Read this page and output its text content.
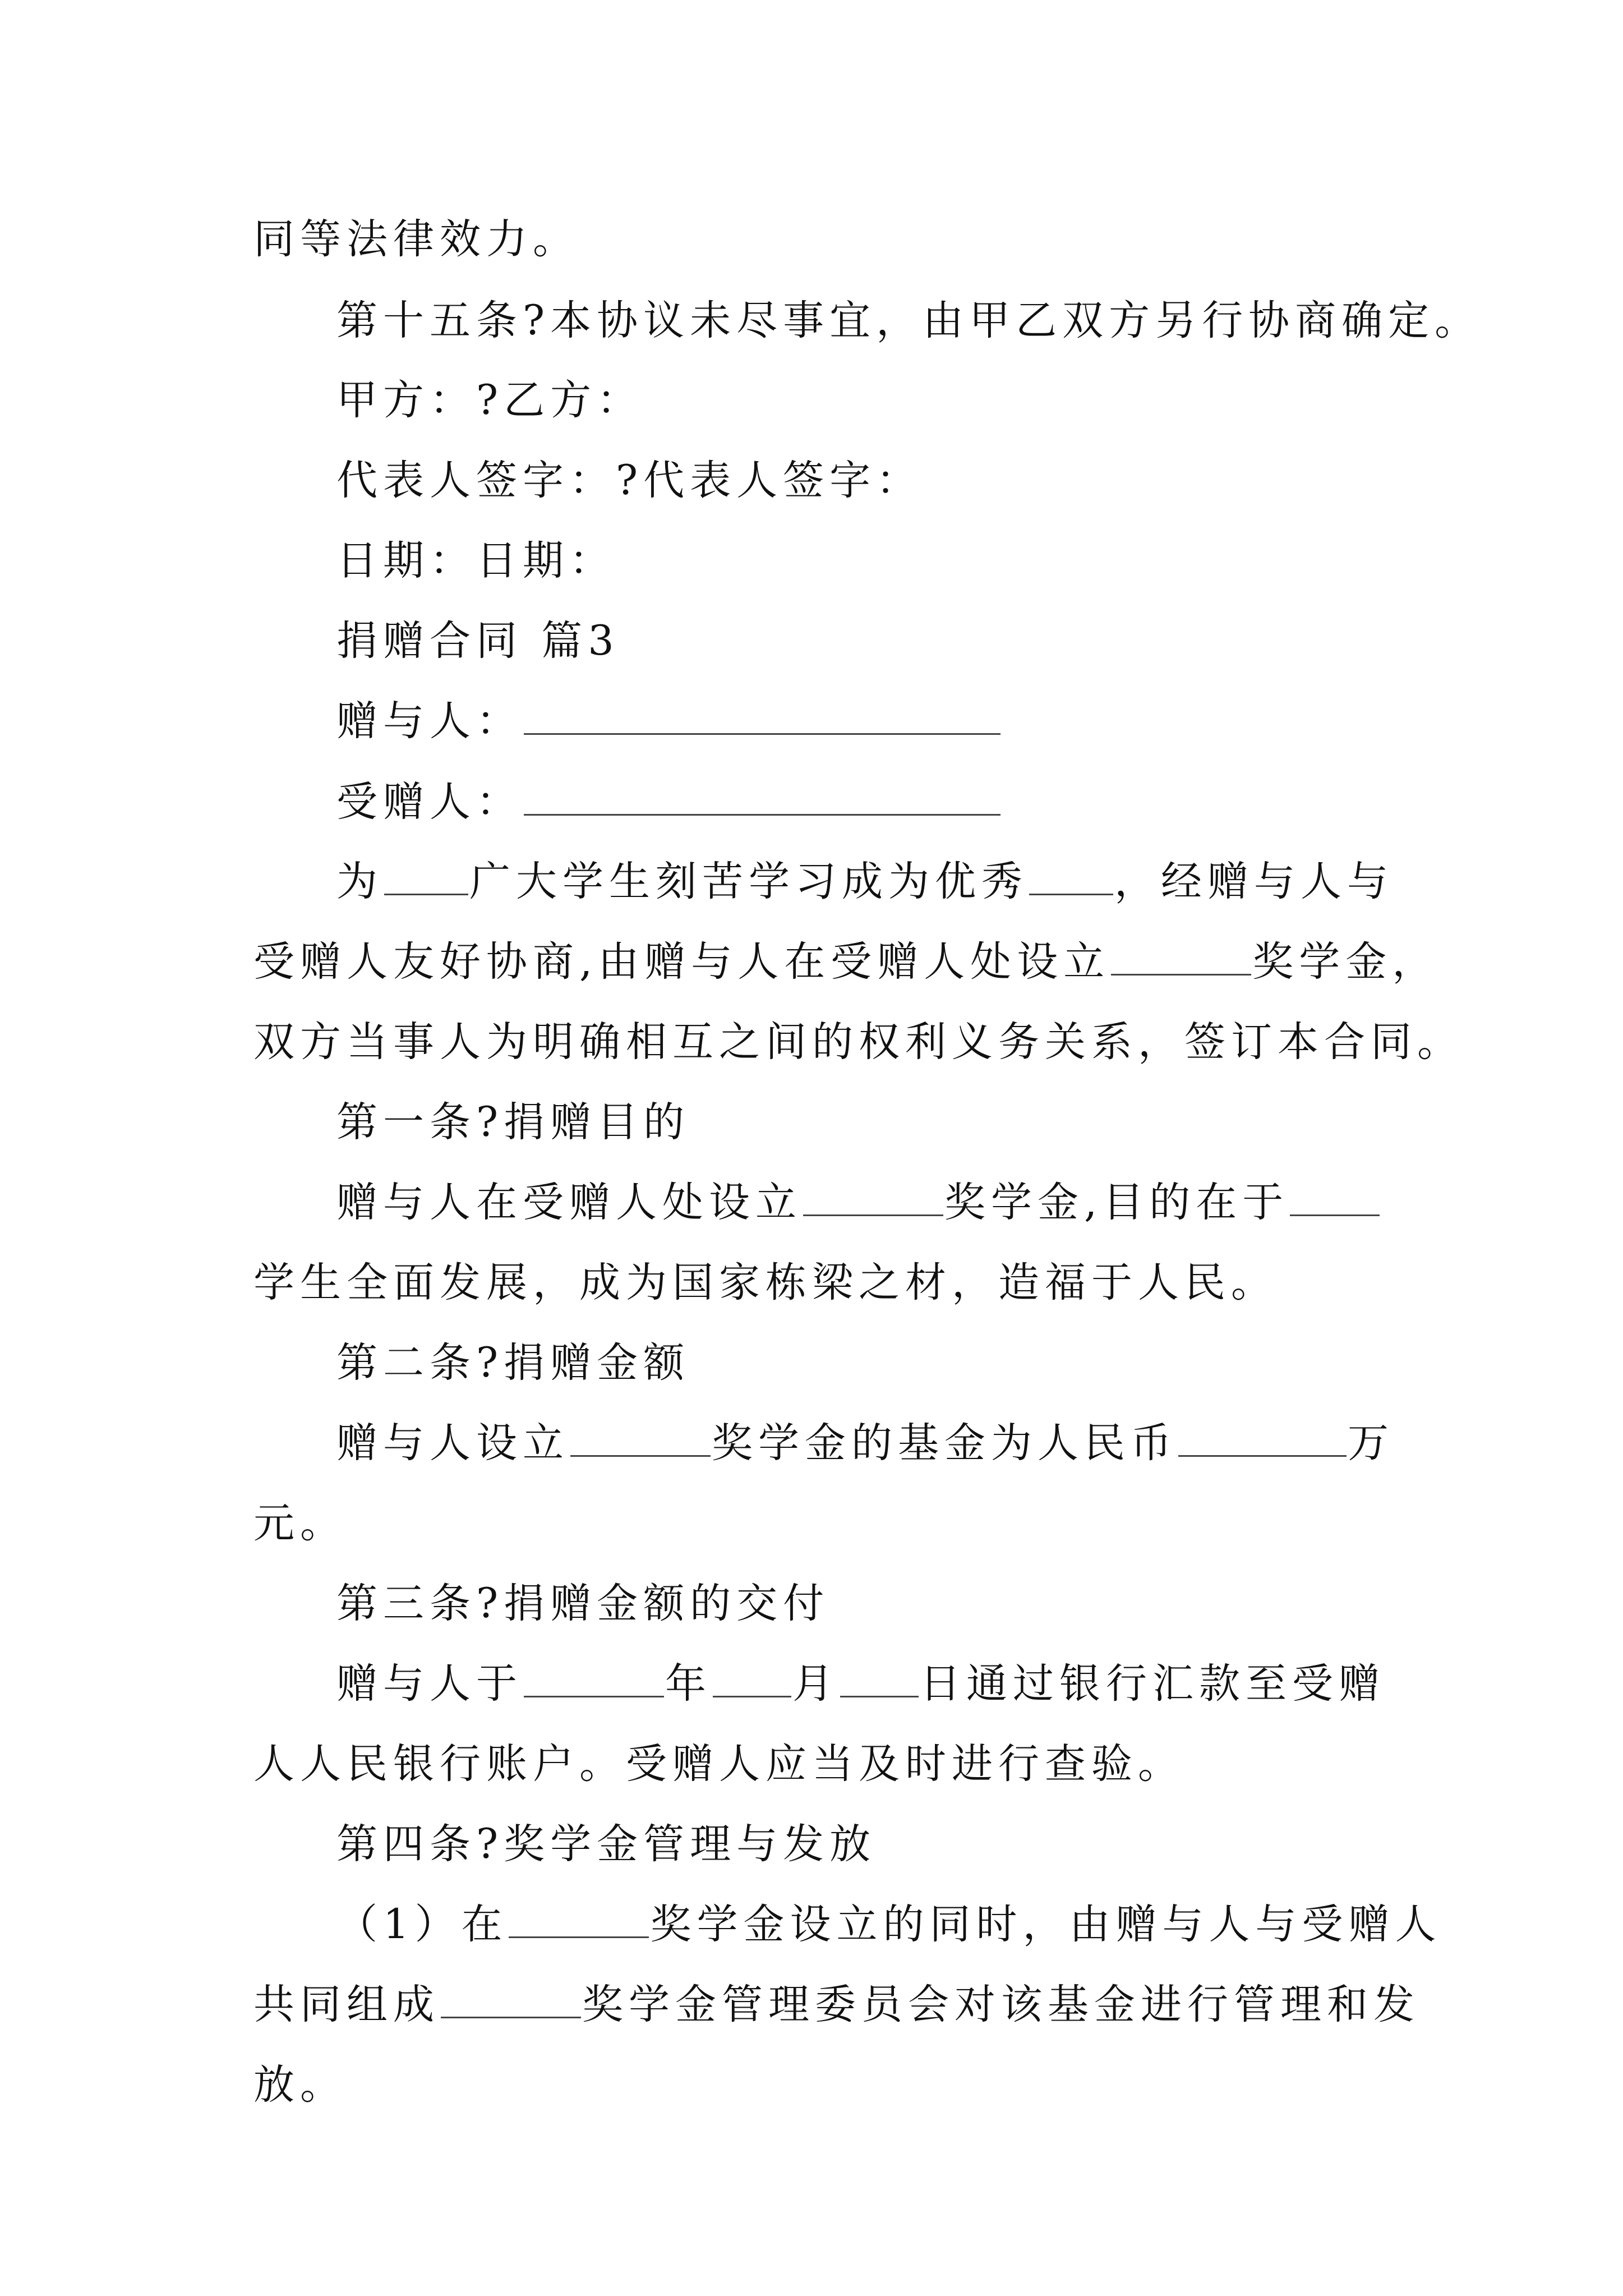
同等法律效力。
第十五条?本协议未尽事宜，由甲乙双方另行协商确定。
甲方：?乙方：
代表人签字：?代表人签字：
日期：日期：
捐赠合同 篇3
赠与人：
受赠人：
为 广大学生刻苦学习成为优秀 ，经赠与人与
受赠人友好协商,由赠与人在受赠人处设立	奖学金，
双方当事人为明确相互之间的权利义务关系，签订本合同。
第一条?捐赠目的
赠与人在受赠人处设立	奖学金,目的在于
学生全面发展，成为国家栋梁之材，造福于人民。
第二条?捐赠金额
赠与人设立	奖学金的基金为人民币	万
元。
第三条?捐赠金额的交付
赠与人于	年 月 日通过银行汇款至受赠
人人民银行账户。受赠人应当及时进行查验。
第四条?奖学金管理与发放
（1）在	奖学金设立的同时，由赠与人与受赠人
共同组成	奖学金管理委员会对该基金进行管理和发
放。
